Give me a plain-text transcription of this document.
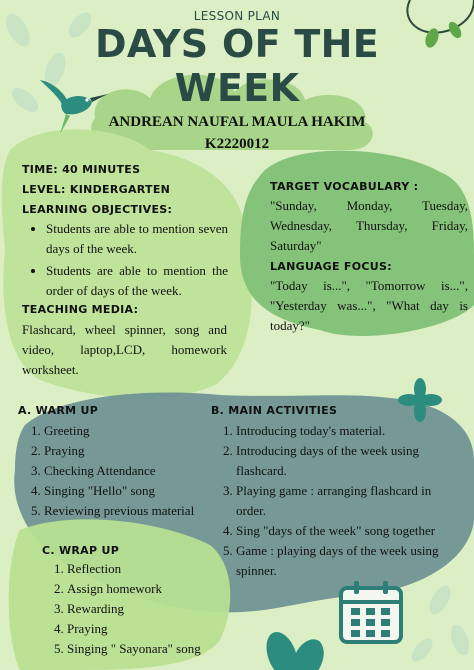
LESSON PLAN
DAYS OF THE
WEEK
ANDREAN NAUFAL MAULA HAKIM
K2220012
TIME: 40 MINUTES
LEVEL: KINDERGARTEN
LEARNING OBJECTIVES:
• Students are able to mention seven days of the week.
• Students are able to mention the order of days of the week.
TEACHING MEDIA:
Flashcard, wheel spinner, song and video, laptop,LCD, homework worksheet.
TARGET VOCABULARY :
"Sunday, Monday, Tuesday, Wednesday, Thursday, Friday, Saturday"
LANGUAGE FOCUS:
"Today is...", "Tomorrow is...", "Yesterday was...", "What day is today?"
A. WARM UP
1. Greeting
2. Praying
3. Checking Attendance
4. Singing "Hello" song
5. Reviewing previous material
B. MAIN ACTIVITIES
1. Introducing today's material.
2. Introducing days of the week using flashcard.
3. Playing game : arranging flashcard in order.
4. Sing "days of the week" song together
5. Game : playing days of the week using spinner.
C. WRAP UP
1. Reflection
2. Assign homework
3. Rewarding
4. Praying
5. Singing " Sayonara" song
